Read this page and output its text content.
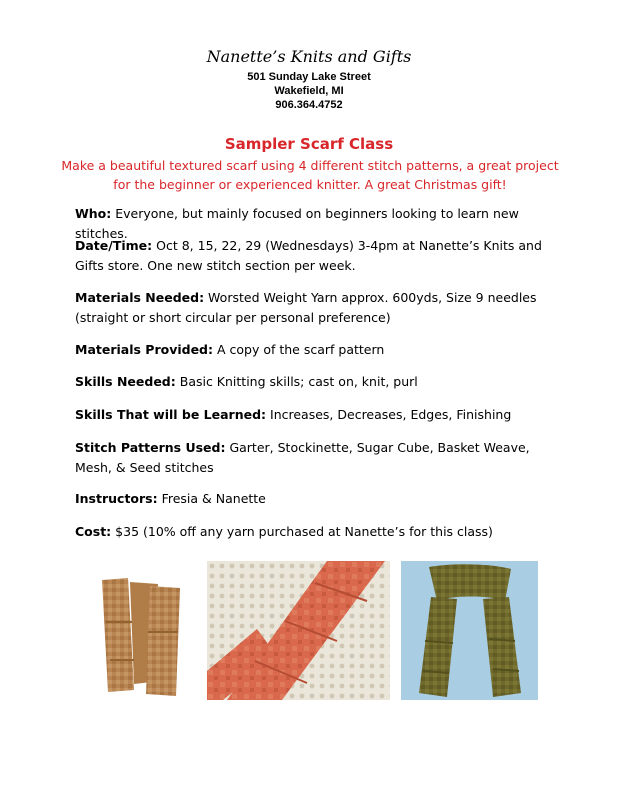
Nanette’s Knits and Gifts
501 Sunday Lake Street
Wakefield, MI
906.364.4752
Sampler Scarf Class
Make a beautiful textured scarf using 4 different stitch patterns, a great project for the beginner or experienced knitter. A great Christmas gift!
Who: Everyone, but mainly focused on beginners looking to learn new stitches.
Date/Time: Oct 8, 15, 22, 29 (Wednesdays) 3-4pm at Nanette’s Knits and Gifts store. One new stitch section per week.
Materials Needed: Worsted Weight Yarn approx. 600yds, Size 9 needles (straight or short circular per personal preference)
Materials Provided: A copy of the scarf pattern
Skills Needed: Basic Knitting skills; cast on, knit, purl
Skills That will be Learned: Increases, Decreases, Edges, Finishing
Stitch Patterns Used: Garter, Stockinette, Sugar Cube, Basket Weave, Mesh, & Seed stitches
Instructors: Fresia & Nanette
Cost: $35 (10% off any yarn purchased at Nanette’s for this class)
